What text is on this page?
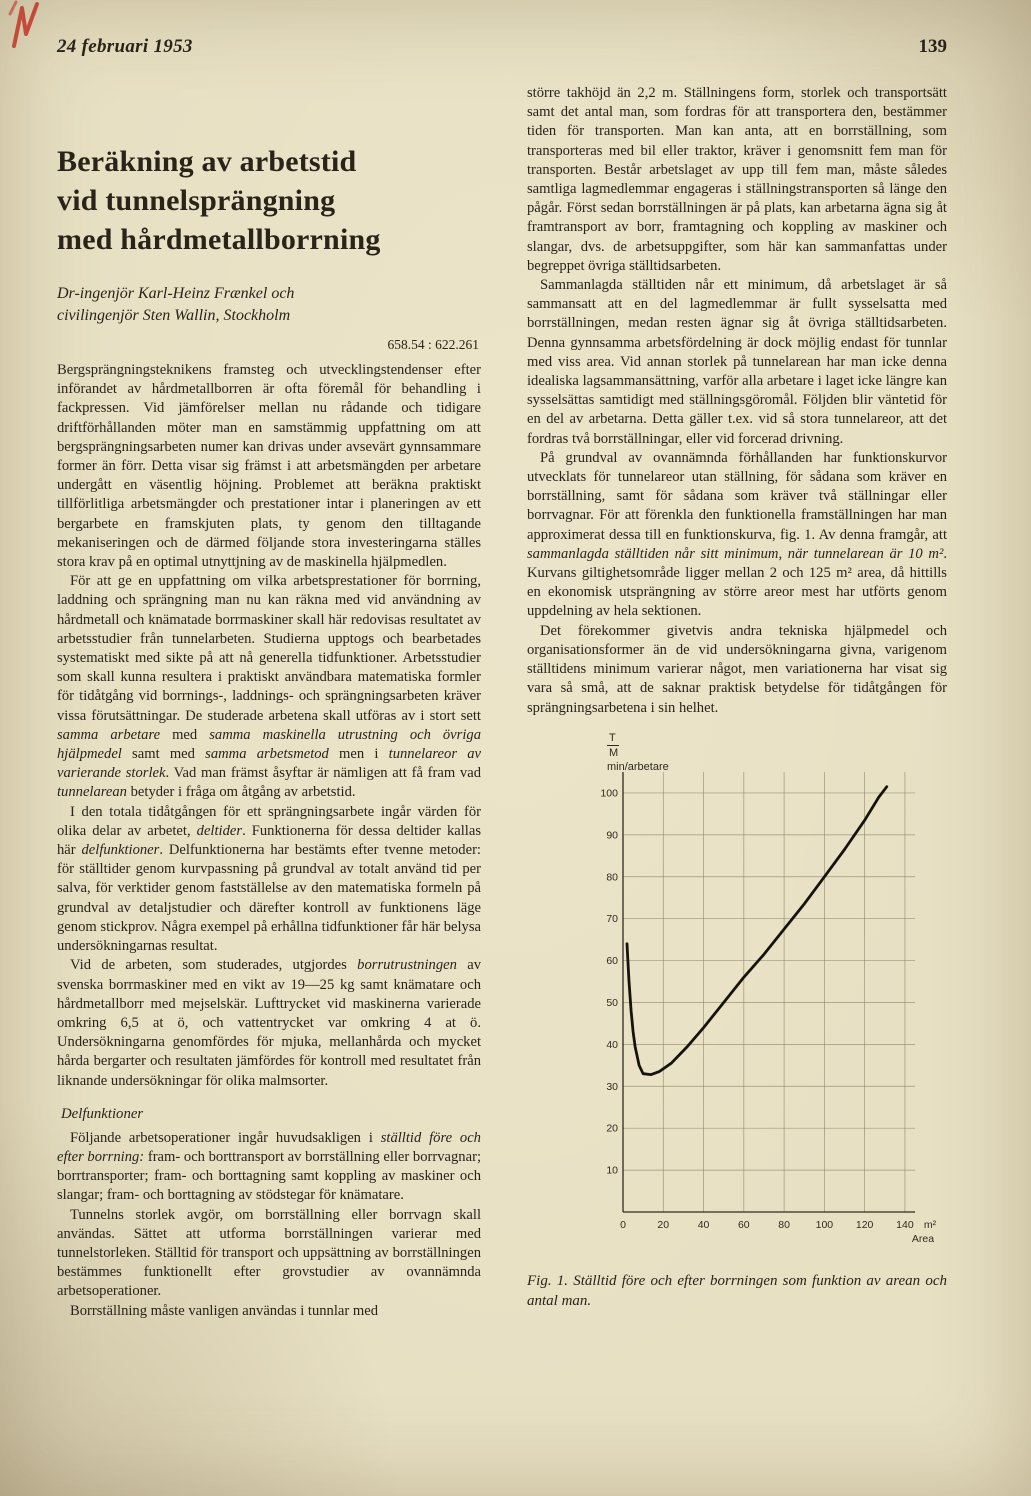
24 februari 1953	139
Beräkning av arbetstid
vid tunnelsprängning
med hårdmetallborrning
Dr-ingenjör Karl-Heinz Frænkel och
civilingenjör Sten Wallin, Stockholm
658.54 : 622.261

Bergsprängningsteknikens framsteg och utvecklingstendenser efter införandet av hårdmetallborren är ofta föremål för behandling i fackpressen. Vid jämförelser mellan nu rådande och tidigare driftförhållanden möter man en samstämmig uppfattning om att bergsprängningsarbeten numer kan drivas under avsevärt gynnsammare former än förr. Detta visar sig främst i att arbetsmängden per arbetare undergått en väsentlig höjning. Problemet att beräkna praktiskt tillförlitliga arbetsmängder och prestationer intar i planeringen av ett bergarbete en framskjuten plats, ty genom den tilltagande mekaniseringen och de därmed följande stora investeringarna ställes stora krav på en optimal utnyttjning av de maskinella hjälpmedlen.

För att ge en uppfattning om vilka arbetsprestationer för borrning, laddning och sprängning man nu kan räkna med vid användning av hårdmetall och knämatade borrmaskiner skall här redovisas resultatet av arbetsstudier från tunnelarbeten. Studierna upptogs och bearbetades systematiskt med sikte på att nå generella tidfunktioner. Arbetsstudier som skall kunna resultera i praktiskt användbara matematiska formler för tidåtgång vid borrnings-, laddnings- och sprängningsarbeten kräver vissa förutsättningar. De studerade arbetena skall utföras av i stort sett samma arbetare med samma maskinella utrustning och övriga hjälpmedel samt med samma arbetsmetod men i tunnelareor av varierande storlek. Vad man främst åsyftar är nämligen att få fram vad tunnelarean betyder i fråga om åtgång av arbetstid.

I den totala tidåtgången för ett sprängningsarbete ingår värden för olika delar av arbetet, deltider. Funktionerna för dessa deltider kallas här delfunktioner. Delfunktionerna har bestämts efter tvenne metoder: för ställtider genom kurvpassning på grundval av totalt använd tid per salva, för verktider genom fastställelse av den matematiska formeln på grundval av detaljstudier och därefter kontroll av funktionens läge genom stickprov. Några exempel på erhållna tidfunktioner får här belysa undersökningarnas resultat.

Vid de arbeten, som studerades, utgjordes borrutrustningen av svenska borrmaskiner med en vikt av 19—25 kg samt knämatare och hårdmetallborr med mejselskär. Lufttrycket vid maskinerna varierade omkring 6,5 at ö, och vattentrycket var omkring 4 at ö. Undersökningarna genomfördes för mjuka, mellanhårda och mycket hårda bergarter och resultaten jämfördes för kontroll med resultatet från liknande undersökningar för olika malmsorter.

Delfunktioner

Följande arbetsoperationer ingår huvudsakligen i ställtid före och efter borrning: fram- och borttransport av borrställning eller borrvagnar; borrtransporter; fram- och borttagning samt koppling av maskiner och slangar; fram- och borttagning av stödstegar för knämatare.

Tunnelns storlek avgör, om borrställning eller borrvagn skall användas. Sättet att utforma borrställningen varierar med tunnelstorleken. Ställtid för transport och uppsättning av borrställningen bestämmes funktionellt efter grovstudier av ovannämnda arbetsoperationer.

Borrställning måste vanligen användas i tunnlar med

större takhöjd än 2,2 m. Ställningens form, storlek och transportsätt samt det antal man, som fordras för att transportera den, bestämmer tiden för transporten. Man kan anta, att en borrställning, som transporteras med bil eller traktor, kräver i genomsnitt fem man för transporten. Består arbetslaget av upp till fem man, måste således samtliga lagmedlemmar engageras i ställningstransporten så länge den pågår. Först sedan borrställningen är på plats, kan arbetarna ägna sig åt framtransport av borr, framtagning och koppling av maskiner och slangar, dvs. de arbetsuppgifter, som här kan sammanfattas under begreppet övriga ställtidsarbeten.

Sammanlagda ställtiden når ett minimum, då arbetslaget är så sammansatt att en del lagmedlemmar är fullt sysselsatta med borrställningen, medan resten ägnar sig åt övriga ställtidsarbeten. Denna gynnsamma arbetsfördelning är dock möjlig endast för tunnlar med viss area. Vid annan storlek på tunnelarean har man icke denna idealiska lagsammansättning, varför alla arbetare i laget icke längre kan sysselsättas samtidigt med ställningsgöromål. Följden blir väntetid för en del av arbetarna. Detta gäller t.ex. vid så stora tunnelareor, att det fordras två borrställningar, eller vid forcerad drivning.

På grundval av ovannämnda förhållanden har funktionskurvor utvecklats för tunnelareor utan ställning, för sådana som kräver en borrställning, samt för sådana som kräver två ställningar eller borrvagnar. För att förenkla den funktionella framställningen har man approximerat dessa till en funktionskurva, fig. 1. Av denna framgår, att sammanlagda ställtiden når sitt minimum, när tunnelarean är 10 m². Kurvans giltighetsområde ligger mellan 2 och 125 m² area, då hittills en ekonomisk utsprängning av större areor mest har utförts genom uppdelning av hela sektionen.

Det förekommer givetvis andra tekniska hjälpmedel och organisationsformer än de vid undersökningarna givna, varigenom ställtidens minimum varierar något, men variationerna har visat sig vara så små, att de saknar praktisk betydelse för tidåtgången för sprängningsarbetena i sin helhet.

T
M
min/arbetare
10
20
30
40
50
60
70
80
90
100
0	20	40	60	80 100 120 140 m²
Area
Fig. 1. Ställtid före och efter borrningen som funktion av arean och antal man.
